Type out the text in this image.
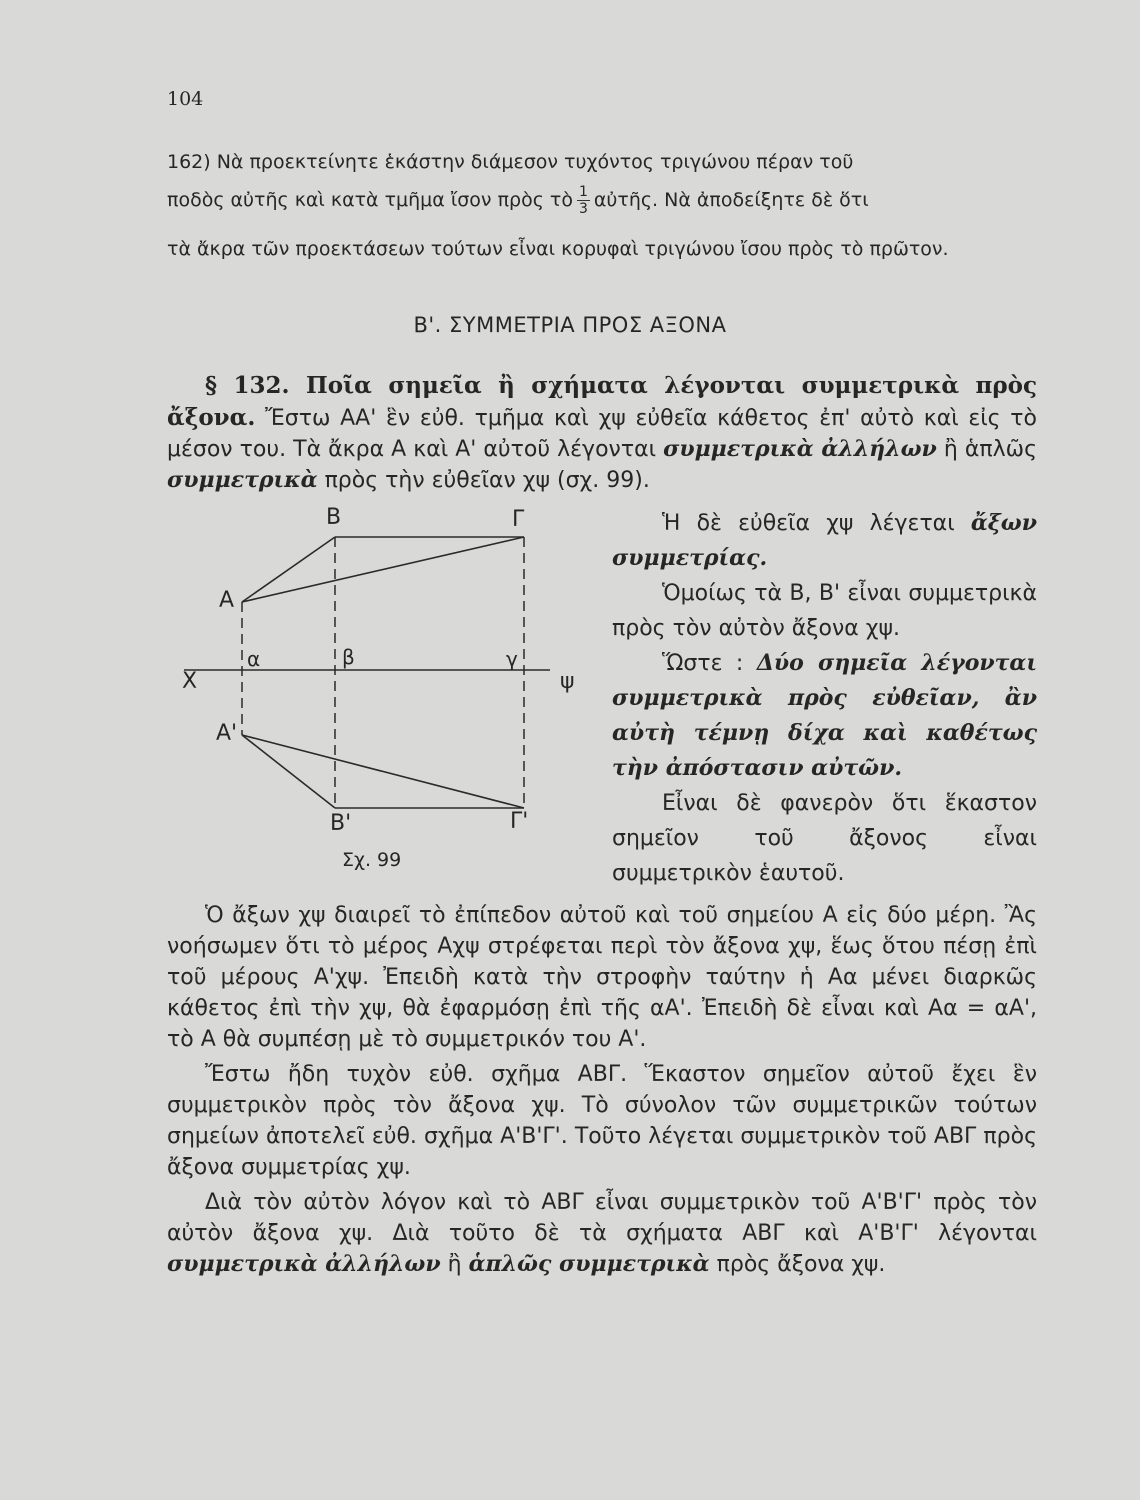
104
162) Νὰ προεκτείνητε ἑκάστην διάμεσον τυχόντος τριγώνου πέραν τοῦ
ποδὸς αὐτῆς καὶ κατὰ τμῆμα ἴσον πρὸς τὸ $\frac{1}{3}$ αὐτῆς. Νὰ ἀποδείξητε δὲ ὅτι
τὰ ἄκρα τῶν προεκτάσεων τούτων εἶναι κορυφαὶ τριγώνου ἴσου πρὸς τὸ πρῶτον.
Β'. ΣΥΜΜΕΤΡΙΑ ΠΡΟΣ ΑΞΟΝΑ
§ 132. Ποῖα σημεῖα ἢ σχήματα λέγονται συμμετρικὰ πρὸς ἄξονα. Ἔστω ΑΑ' ἓν εὐθ. τμῆμα καὶ χψ εὐθεῖα κάθετος ἐπ' αὐτὸ καὶ εἰς τὸ μέσον του. Τὰ ἄκρα Α καὶ Α' αὐτοῦ λέγονται συμμετρικὰ ἀλλήλων ἢ ἁπλῶς συμμετρικὰ πρὸς τὴν εὐθεῖαν χψ (σχ. 99).
Β	Γ
Α
α	β	γ
Χ	ψ
Α'
Β'	Γ'
Σχ. 99

Ἡ δὲ εὐθεῖα χψ λέγεται ἄξων συμμετρίας.

Ὁμοίως τὰ Β, Β' εἶναι συμμετρικὰ πρὸς τὸν αὐτὸν ἄξονα χψ.

Ὥστε : Δύο σημεῖα λέγονται συμμετρικὰ πρὸς εὐθεῖαν, ἂν αὐτὴ τέμνῃ δίχα καὶ καθέτως τὴν ἀπόστασιν αὐτῶν.

Εἶναι δὲ φανερὸν ὅτι ἕκαστον σημεῖον τοῦ ἄξονος εἶναι συμμετρικὸν ἑαυτοῦ.

Ὁ ἄξων χψ διαιρεῖ τὸ ἐπίπεδον αὐτοῦ καὶ τοῦ σημείου Α εἰς δύο μέρη. Ἂς νοήσωμεν ὅτι τὸ μέρος Αχψ στρέφεται περὶ τὸν ἄξονα χψ, ἕως ὅτου πέσῃ ἐπὶ τοῦ μέρους Α'χψ. Ἐπειδὴ κατὰ τὴν στροφὴν ταύτην ἡ Αα μένει διαρκῶς κάθετος ἐπὶ τὴν χψ, θὰ ἐφαρμόσῃ ἐπὶ τῆς αΑ'. Ἐπειδὴ δὲ εἶναι καὶ Αα = αΑ', τὸ Α θὰ συμπέσῃ μὲ τὸ συμμετρικόν του Α'.

Ἔστω ἤδη τυχὸν εὐθ. σχῆμα ΑΒΓ. Ἕκαστον σημεῖον αὐτοῦ ἔχει ἓν συμμετρικὸν πρὸς τὸν ἄξονα χψ. Τὸ σύνολον τῶν συμμετρικῶν τούτων σημείων ἀποτελεῖ εὐθ. σχῆμα Α'Β'Γ'. Τοῦτο λέγεται συμμετρικὸν τοῦ ΑΒΓ πρὸς ἄξονα συμμετρίας χψ.

Διὰ τὸν αὐτὸν λόγον καὶ τὸ ΑΒΓ εἶναι συμμετρικὸν τοῦ Α'Β'Γ' πρὸς τὸν αὐτὸν ἄξονα χψ. Διὰ τοῦτο δὲ τὰ σχήματα ΑΒΓ καὶ Α'Β'Γ' λέγονται συμμετρικὰ ἀλλήλων ἢ ἁπλῶς συμμετρικὰ πρὸς ἄξονα χψ.
